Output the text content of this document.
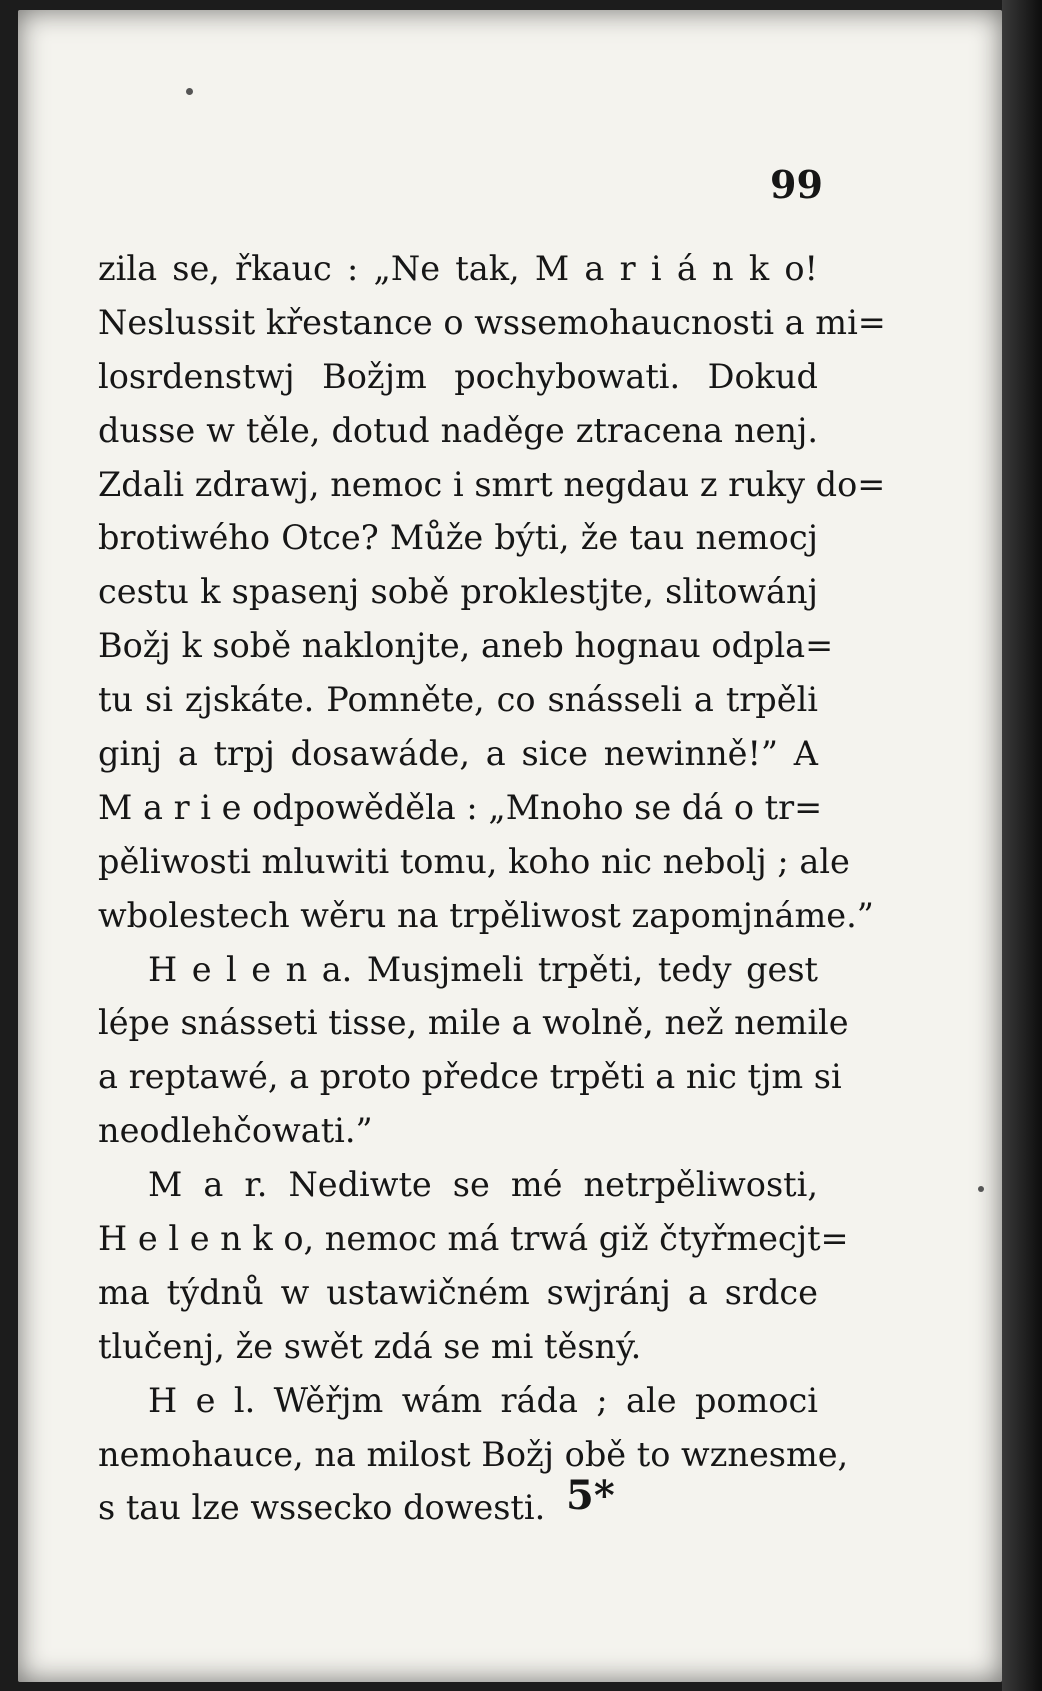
99
zila se, řkauc : „Ne tak, M a r i á n k o!
Neslussit křestance o wssemohaucnosti a mi=
losrdenstwj Božjm pochybowati. Dokud
dusse w těle, dotud naděge ztracena nenj.
Zdali zdrawj, nemoc i smrt negdau z ruky do=
brotiwého Otce? Může býti, že tau nemocj
cestu k spasenj sobě proklestjte, slitowánj
Božj k sobě naklonjte, aneb hognau odpla=
tu si zjskáte. Pomněte, co snásseli a trpěli
ginj a trpj dosawáde, a sice newinně!” A
M a r i e odpowěděla : „Mnoho se dá o tr=
pěliwosti mluwiti tomu, koho nic nebolj ; ale
wbolestech wěru na trpěliwost zapomjnáme.”
H e l e n a. Musjmeli trpěti, tedy gest
lépe snásseti tisse, mile a wolně, než nemile
a reptawé, a proto předce trpěti a nic tjm si
neodlehčowati.”
M a r. Nediwte se mé netrpěliwosti,
H e l e n k o, nemoc má trwá giž čtyřmecjt=
ma týdnů w ustawičném swjránj a srdce
tlučenj, že swět zdá se mi těsný.
H e l. Wěřjm wám ráda ; ale pomoci
nemohauce, na milost Božj obě to wznesme,
s tau lze wssecko dowesti. 5*
